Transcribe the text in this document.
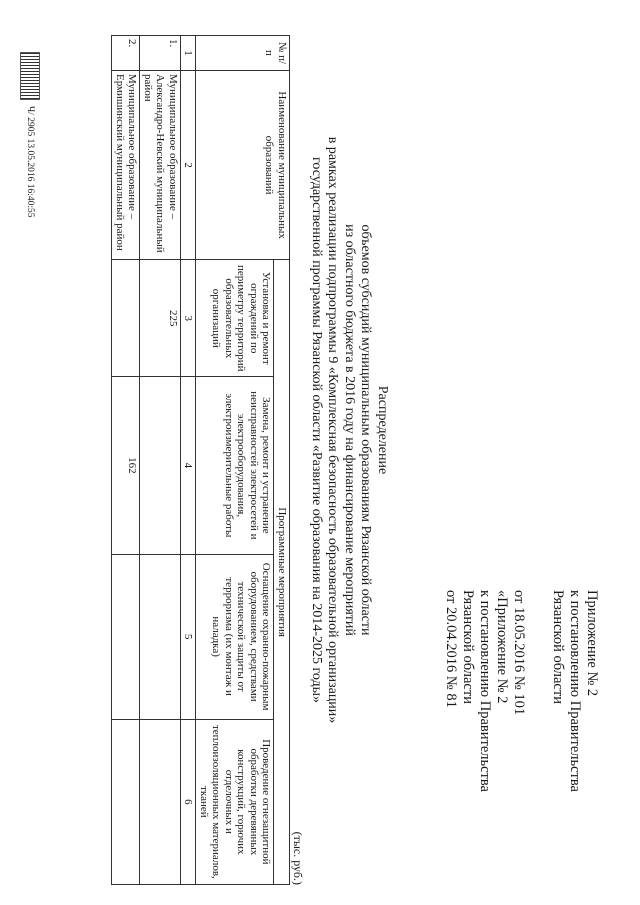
Приложение № 2
к постановлению Правительства
Рязанской области
от 18.05.2016 № 101
«Приложение № 2
к постановлению Правительства
Рязанской области
от 20.04.2016 № 81
Распределение
объемов субсидий муниципальным образованиям Рязанской области
из областного бюджета в 2016 году на финансирование мероприятий
в рамках реализации подпрограммы 9 «Комплексная безопасность образовательной организации»
государственной программы Рязанской области «Развитие образования на 2014-2025 годы»
(тыс. руб.)
№ п/п	Наименование муниципальных образований	Программные мероприятия			
		Установка и ремонт ограждений по периметру территорий образовательных организаций	Замена, ремонт и устранение неисправностей электросетей и электрооборудования, электроизмерительные работы	Оснащение охранно-пожарным оборудованием, средствами технической защиты от терроризма (их монтаж и наладка)	Проведение огнезащитной обработки деревянных конструкций, горючих отделочных и теплоизоляционных материалов, тканей
1	2	3	4	5	6
1.	Муниципальное образование – Александро-Невский муниципальный район	225			
2.	Муниципальное образование – Ермишинский муниципальный район		162		
Ч/ 2905 13.05.2016 16:40:55
